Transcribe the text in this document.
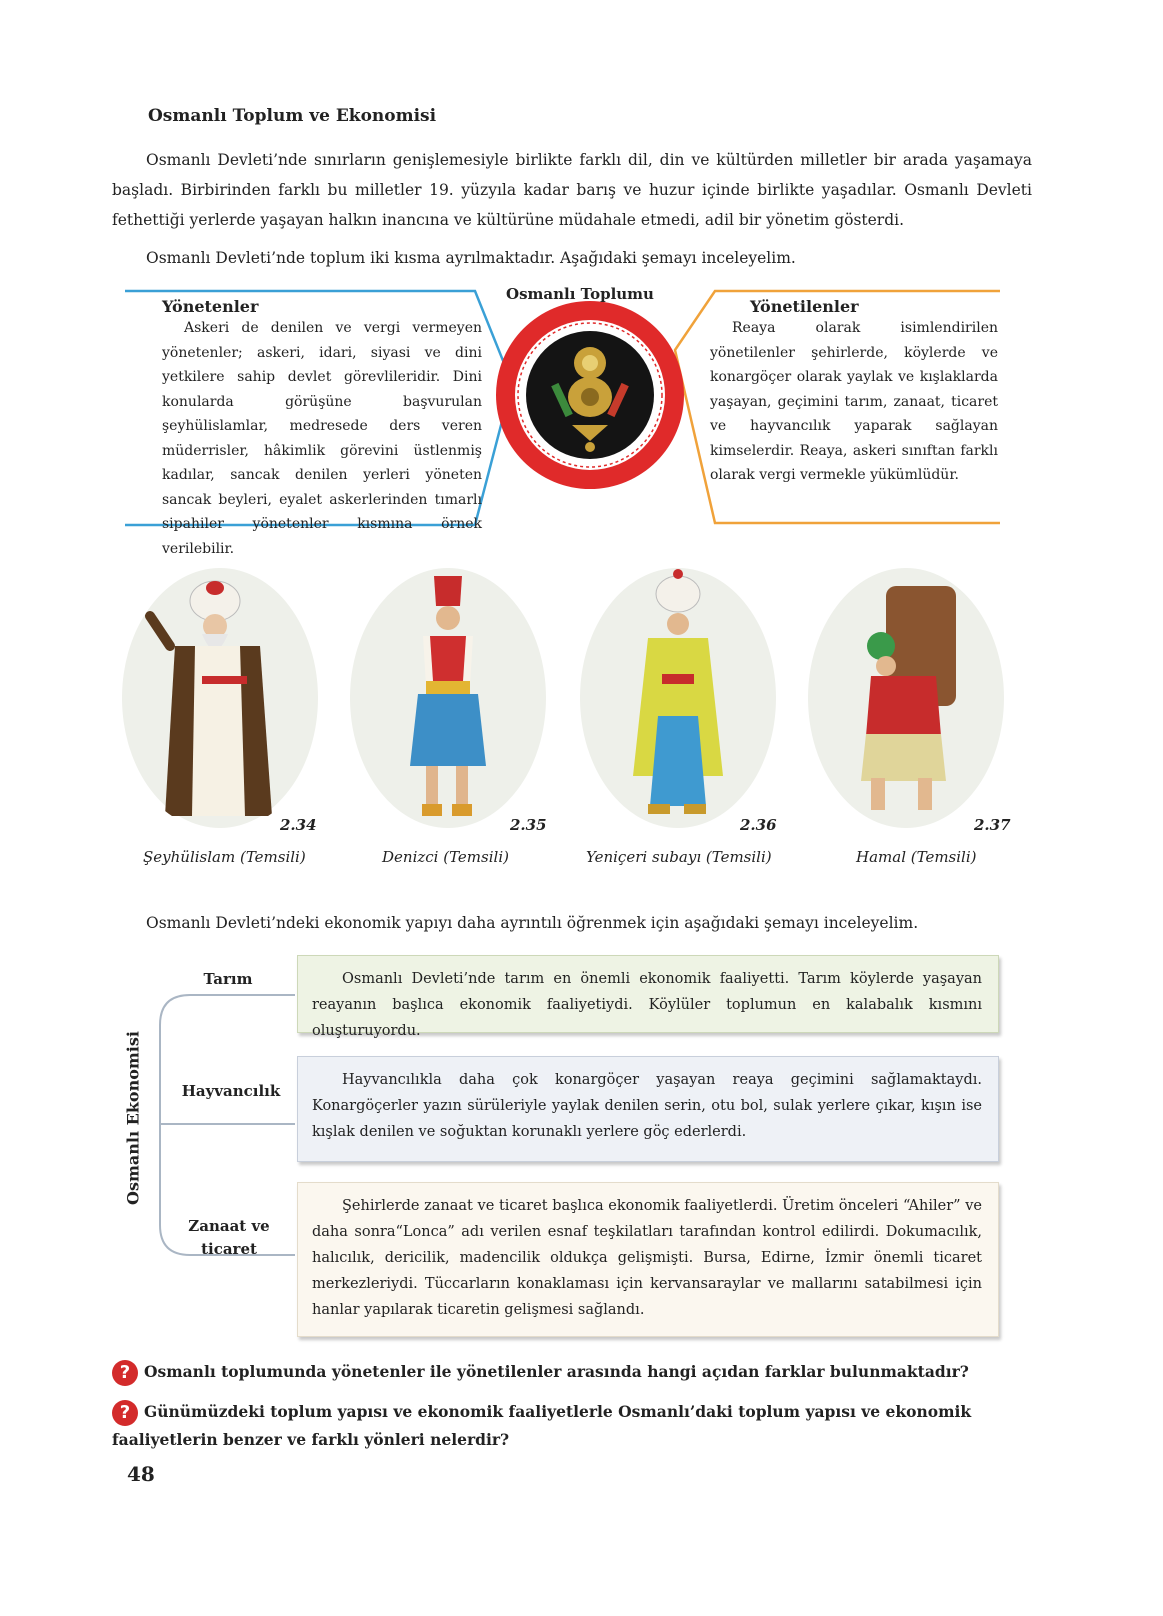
Osmanlı Toplum ve Ekonomisi
Osmanlı Devleti’nde sınırların genişlemesiyle birlikte farklı dil, din ve kültürden milletler bir arada yaşamaya başladı. Birbirinden farklı bu milletler 19. yüzyıla kadar barış ve huzur içinde birlikte yaşadılar. Osmanlı Devleti fethettiği yerlerde yaşayan halkın inancına ve kültürüne müdahale etmedi, adil bir yönetim gösterdi.
Osmanlı Devleti’nde toplum iki kısma ayrılmaktadır. Aşağıdaki şemayı inceleyelim.
Osmanlı Toplumu
Yönetenler
Askeri de denilen ve vergi vermeyen yönetenler; askeri, idari, siyasi ve dini yetkilere sahip devlet görevlileridir. Dini konularda görüşüne başvurulan şeyhülislamlar, medresede ders veren müderrisler, hâkimlik görevini üstlenmiş kadılar, sancak denilen yerleri yöneten sancak beyleri, eyalet askerlerinden tımarlı sipahiler yönetenler kısmına örnek verilebilir.
Yönetilenler
Reaya olarak isimlendirilen yönetilenler şehirlerde, köylerde ve konargöçer olarak yaylak ve kışlaklarda yaşayan, geçimini tarım, zanaat, ticaret ve hayvancılık yaparak sağlayan kimselerdir. Reaya, askeri sınıftan farklı olarak vergi vermekle yükümlüdür.
2.34	2.35	2.36	2.37
Şeyhülislam (Temsili)	Denizci (Temsili)	Yeniçeri subayı (Temsili)	Hamal (Temsili)
Osmanlı Devleti’ndeki ekonomik yapıyı daha ayrıntılı öğrenmek için aşağıdaki şemayı inceleyelim.
Osmanlı Ekonomisi
Tarım
Hayvancılık
Zanaat ve ticaret
Osmanlı Devleti’nde tarım en önemli ekonomik faaliyetti. Tarım köylerde yaşayan reayanın başlıca ekonomik faaliyetiydi. Köylüler toplumun en kalabalık kısmını oluşturuyordu.
Hayvancılıkla daha çok konargöçer yaşayan reaya geçimini sağlamaktaydı. Konargöçerler yazın sürüleriyle yaylak denilen serin, otu bol, sulak yerlere çıkar, kışın ise kışlak denilen ve soğuktan korunaklı yerlere göç ederlerdi.
Şehirlerde zanaat ve ticaret başlıca ekonomik faaliyetlerdi. Üretim önceleri “Ahiler” ve daha sonra“Lonca” adı verilen esnaf teşkilatları tarafından kontrol edilirdi. Dokumacılık, halıcılık, dericilik, madencilik oldukça gelişmişti. Bursa, Edirne, İzmir önemli ticaret merkezleriydi. Tüccarların konaklaması için kervansaraylar ve mallarını satabilmesi için hanlar yapılarak ticaretin gelişmesi sağlandı.
? Osmanlı toplumunda yönetenler ile yönetilenler arasında hangi açıdan farklar bulunmaktadır?
? Günümüzdeki toplum yapısı ve ekonomik faaliyetlerle Osmanlı’daki toplum yapısı ve ekonomik faaliyetlerin benzer ve farklı yönleri nelerdir?
48
